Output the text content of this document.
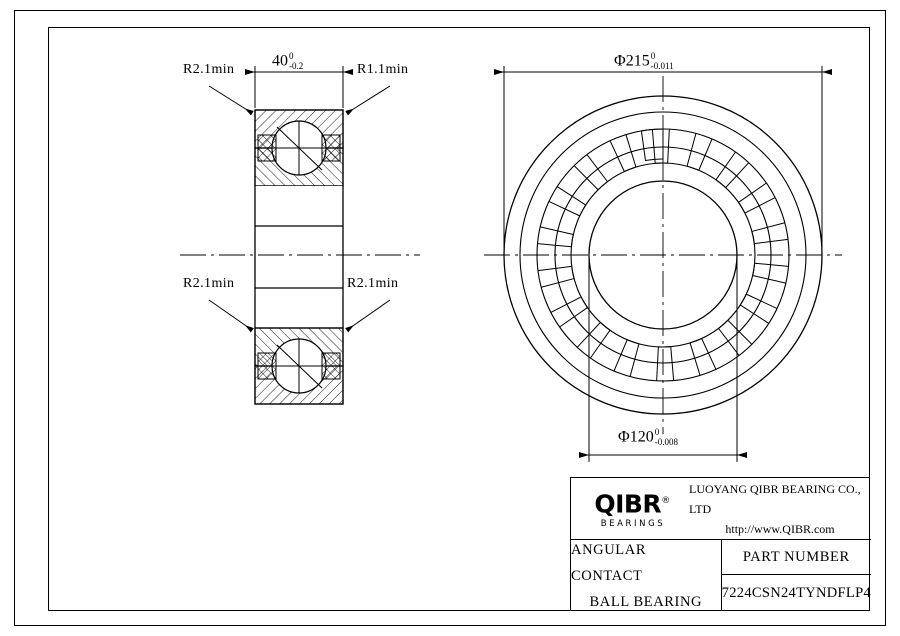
R2.1min	R1.1min
R2.1min	R2.1min
40 0
-0.2	Φ215 0
-0.011
Φ120 0
-0.008
QIBR®
BEARINGS
LUOYANG QIBR BEARING CO., LTD
http://www.QIBR.com
ANGULAR CONTACT
BALL BEARING
PART NUMBER
7224CSN24TYNDFLP4
